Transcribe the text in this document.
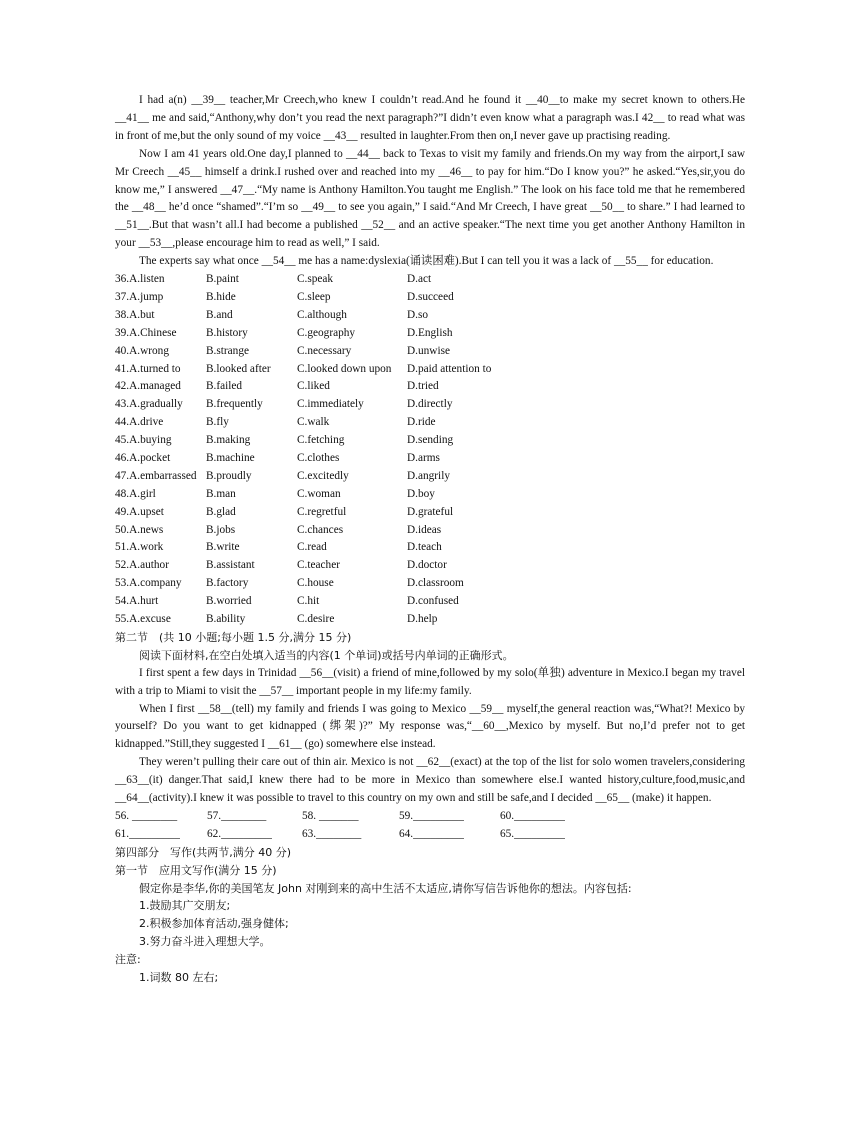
I had a(n) __39__ teacher,Mr Creech,who knew I couldn’t read.And he found it __40__to make my secret known to others.He __41__ me and said,“Anthony,why don’t you read the next paragraph?”I didn’t even know what a paragraph was.I 42__ to read what was in front of me,but the only sound of my voice __43__ resulted in laughter.From then on,I never gave up practising reading.

Now I am 41 years old.One day,I planned to __44__ back to Texas to visit my family and friends.On my way from the airport,I saw Mr Creech __45__ himself a drink.I rushed over and reached into my __46__ to pay for him.“Do I know you?” he asked.“Yes,sir,you do know me,” I answered __47__.“My name is Anthony Hamilton.You taught me English.” The look on his face told me that he remembered the __48__ he’d once “shamed”.“I’m so __49__ to see you again,” I said.“And Mr Creech, I have great __50__ to share.” I had learned to __51__.But that wasn’t all.I had become a published __52__ and an active speaker.“The next time you get another Anthony Hamilton in your __53__,please encourage him to read as well,” I said.

The experts say what once __54__ me has a name:dyslexia(诵读困难).But I can tell you it was a lack of __55__ for education.

36.A.listen	B.paint	C.speak	D.act
37.A.jump	B.hide	C.sleep	D.succeed
38.A.but	B.and	C.although	D.so
39.A.Chinese	B.history	C.geography	D.English
40.A.wrong	B.strange	C.necessary	D.unwise
41.A.turned to	B.looked after	C.looked down upon	D.paid attention to
42.A.managed	B.failed	C.liked	D.tried
43.A.gradually	B.frequently	C.immediately	D.directly
44.A.drive	B.fly	C.walk	D.ride
45.A.buying	B.making	C.fetching	D.sending
46.A.pocket	B.machine	C.clothes	D.arms
47.A.embarrassed B.proudly	C.excitedly	D.angrily
48.A.girl	B.man	C.woman	D.boy
49.A.upset	B.glad	C.regretful	D.grateful
50.A.news	B.jobs	C.chances	D.ideas
51.A.work	B.write	C.read	D.teach
52.A.author	B.assistant	C.teacher	D.doctor
53.A.company	B.factory	C.house	D.classroom
54.A.hurt	B.worried	C.hit	D.confused
55.A.excuse	B.ability	C.desire	D.help
第二节　(共 10 小题;每小题 1.5 分,满分 15 分)
阅读下面材料,在空白处填入适当的内容(1 个单词)或括号内单词的正确形式。

I first spent a few days in Trinidad __56__(visit) a friend of mine,followed by my solo(单独) adventure in Mexico.I began my travel with a trip to Miami to visit the __57__ important people in my life:my family.

When I first __58__(tell) my family and friends I was going to Mexico __59__ myself,the general reaction was,“What?! Mexico by yourself? Do you want to get kidnapped (绑架)?” My response was,“__60__,Mexico by myself. But no,I’d prefer not to get kidnapped.”Still,they suggested I __61__ (go) somewhere else instead.

They weren’t pulling their care out of thin air. Mexico is not __62__(exact) at the top of the list for solo women travelers,considering __63__(it) danger.That said,I knew there had to be more in Mexico than somewhere else.I wanted history,culture,food,music,and __64__(activity).I knew it was possible to travel to this country on my own and still be safe,and I decided __65__ (make) it happen.

56. ________	57.________	58. _______	59._________	60._________
61._________	62._________	63.________	64._________	65._________
第四部分　写作(共两节,满分 40 分)
第一节　应用文写作(满分 15 分)
假定你是李华,你的美国笔友 John 对刚到来的高中生活不太适应,请你写信告诉他你的想法。内容包括:
1.鼓励其广交朋友;
2.积极参加体育活动,强身健体;
3.努力奋斗进入理想大学。
注意:
1.词数 80 左右;
